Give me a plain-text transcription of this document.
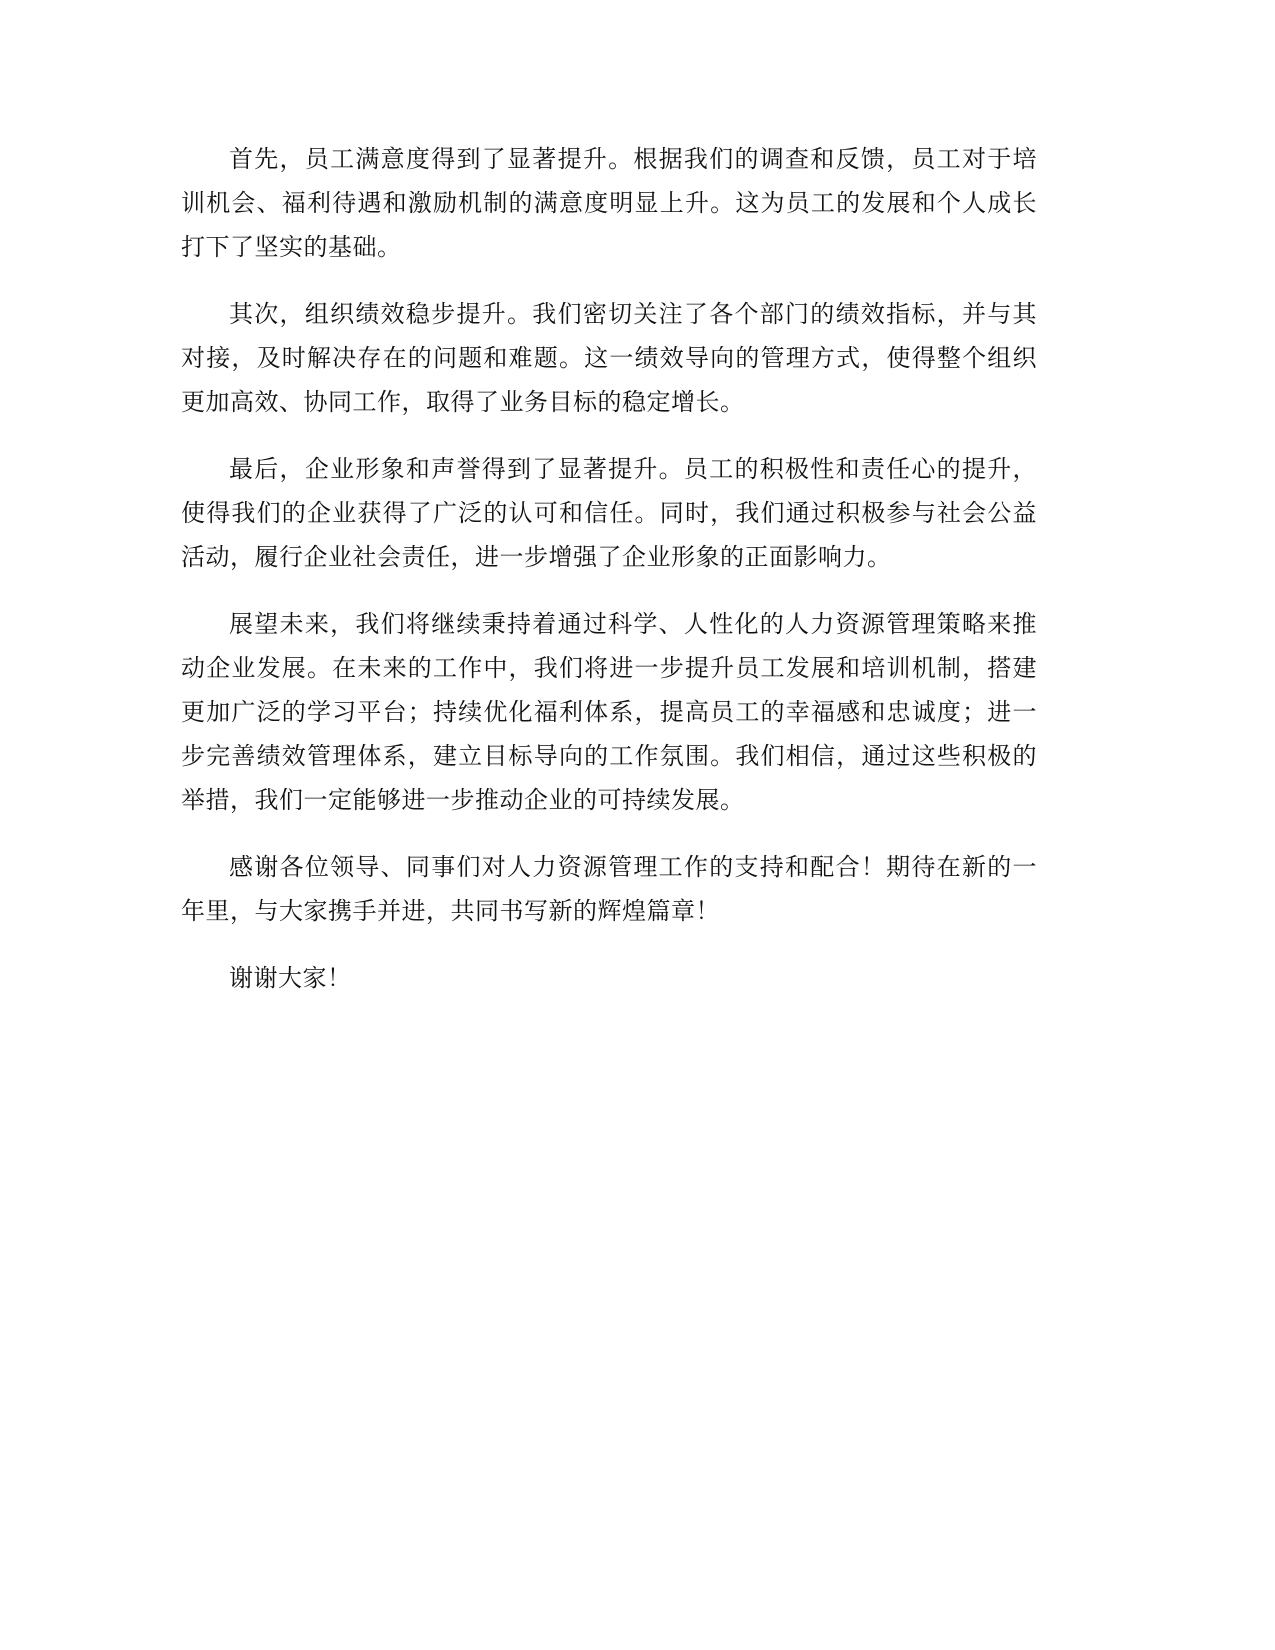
首先，员工满意度得到了显著提升。根据我们的调查和反馈，员工对于培训机会、福利待遇和激励机制的满意度明显上升。这为员工的发展和个人成长打下了坚实的基础。

其次，组织绩效稳步提升。我们密切关注了各个部门的绩效指标，并与其对接，及时解决存在的问题和难题。这一绩效导向的管理方式，使得整个组织更加高效、协同工作，取得了业务目标的稳定增长。

最后，企业形象和声誉得到了显著提升。员工的积极性和责任心的提升，使得我们的企业获得了广泛的认可和信任。同时，我们通过积极参与社会公益活动，履行企业社会责任，进一步增强了企业形象的正面影响力。

展望未来，我们将继续秉持着通过科学、人性化的人力资源管理策略来推动企业发展。在未来的工作中，我们将进一步提升员工发展和培训机制，搭建更加广泛的学习平台；持续优化福利体系，提高员工的幸福感和忠诚度；进一步完善绩效管理体系，建立目标导向的工作氛围。我们相信，通过这些积极的举措，我们一定能够进一步推动企业的可持续发展。

感谢各位领导、同事们对人力资源管理工作的支持和配合！期待在新的一年里，与大家携手并进，共同书写新的辉煌篇章！

谢谢大家！
